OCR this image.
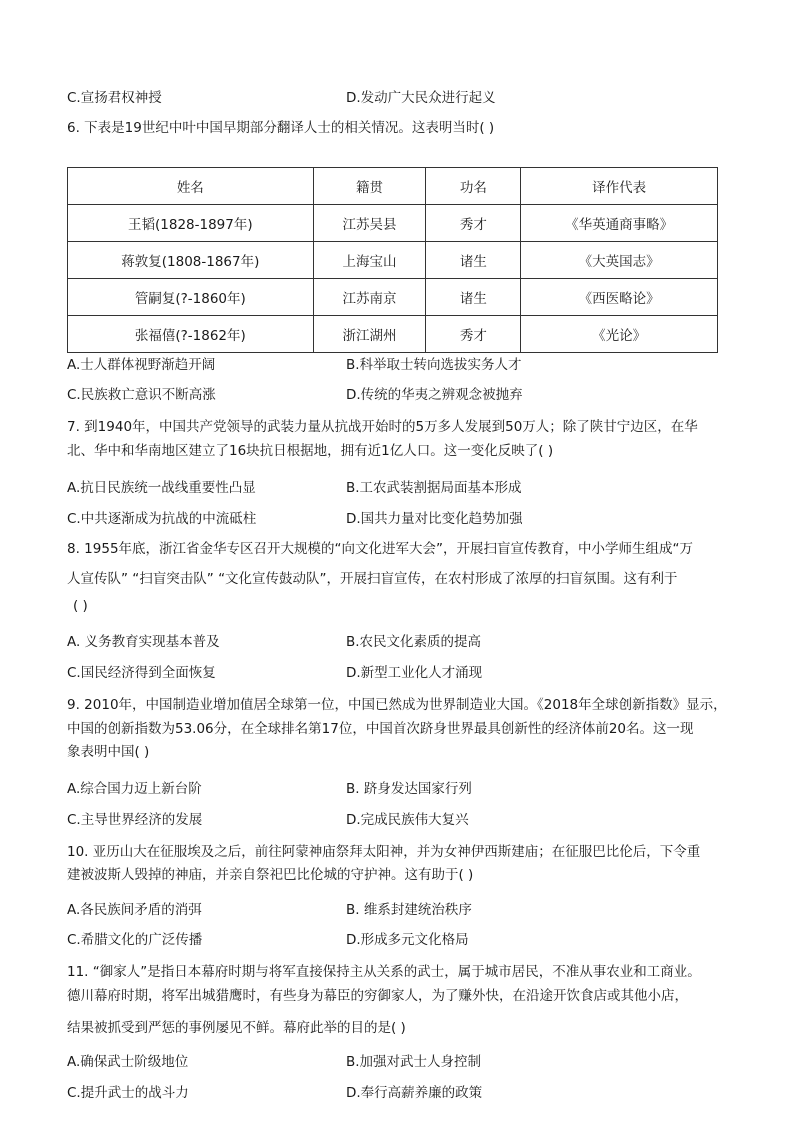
C.宣扬君权神授	D.发动广大民众进行起义
6. 下表是19世纪中叶中国早期部分翻译人士的相关情况。这表明当时( )
姓名	籍贯	功名	译作代表
王韬(1828-1897年)	江苏吴县	秀才	《华英通商事略》
蒋敦复(1808-1867年)	上海宝山	诸生	《大英国志》
管嗣复(?-1860年)	江苏南京	诸生	《西医略论》
张福僖(?-1862年)	浙江湖州	秀才	《光论》
A.士人群体视野渐趋开阔	B.科举取士转向选拔实务人才
C.民族救亡意识不断高涨	D.传统的华夷之辨观念被抛弃
7. 到1940年，中国共产党领导的武装力量从抗战开始时的5万多人发展到50万人；除了陕甘宁边区，在华
北、华中和华南地区建立了16块抗日根据地，拥有近1亿人口。这一变化反映了( )
A.抗日民族统一战线重要性凸显	B.工农武装割据局面基本形成
C.中共逐渐成为抗战的中流砥柱	D.国共力量对比变化趋势加强
8. 1955年底，浙江省金华专区召开大规模的“向文化进军大会”，开展扫盲宣传教育，中小学师生组成“万
人宣传队” “扫盲突击队” “文化宣传鼓动队”，开展扫盲宣传，在农村形成了浓厚的扫盲氛围。这有利于
( )
A. 义务教育实现基本普及	B.农民文化素质的提高
C.国民经济得到全面恢复	D.新型工业化人才涌现
9. 2010年，中国制造业增加值居全球第一位，中国已然成为世界制造业大国。《2018年全球创新指数》显示，
中国的创新指数为53.06分，在全球排名第17位，中国首次跻身世界最具创新性的经济体前20名。这一现
象表明中国( )
A.综合国力迈上新台阶	B. 跻身发达国家行列
C.主导世界经济的发展	D.完成民族伟大复兴
10. 亚历山大在征服埃及之后，前往阿蒙神庙祭拜太阳神，并为女神伊西斯建庙；在征服巴比伦后，下令重
建被波斯人毁掉的神庙，并亲自祭祀巴比伦城的守护神。这有助于( )
A.各民族间矛盾的消弭	B. 维系封建统治秩序
C.希腊文化的广泛传播	D.形成多元文化格局
11. “御家人”是指日本幕府时期与将军直接保持主从关系的武士，属于城市居民，不准从事农业和工商业。
德川幕府时期，将军出城猎鹰时，有些身为幕臣的穷御家人，为了赚外快，在沿途开饮食店或其他小店，
结果被抓受到严惩的事例屡见不鲜。幕府此举的目的是( )
A.确保武士阶级地位	B.加强对武士人身控制
C.提升武士的战斗力	D.奉行高薪养廉的政策
